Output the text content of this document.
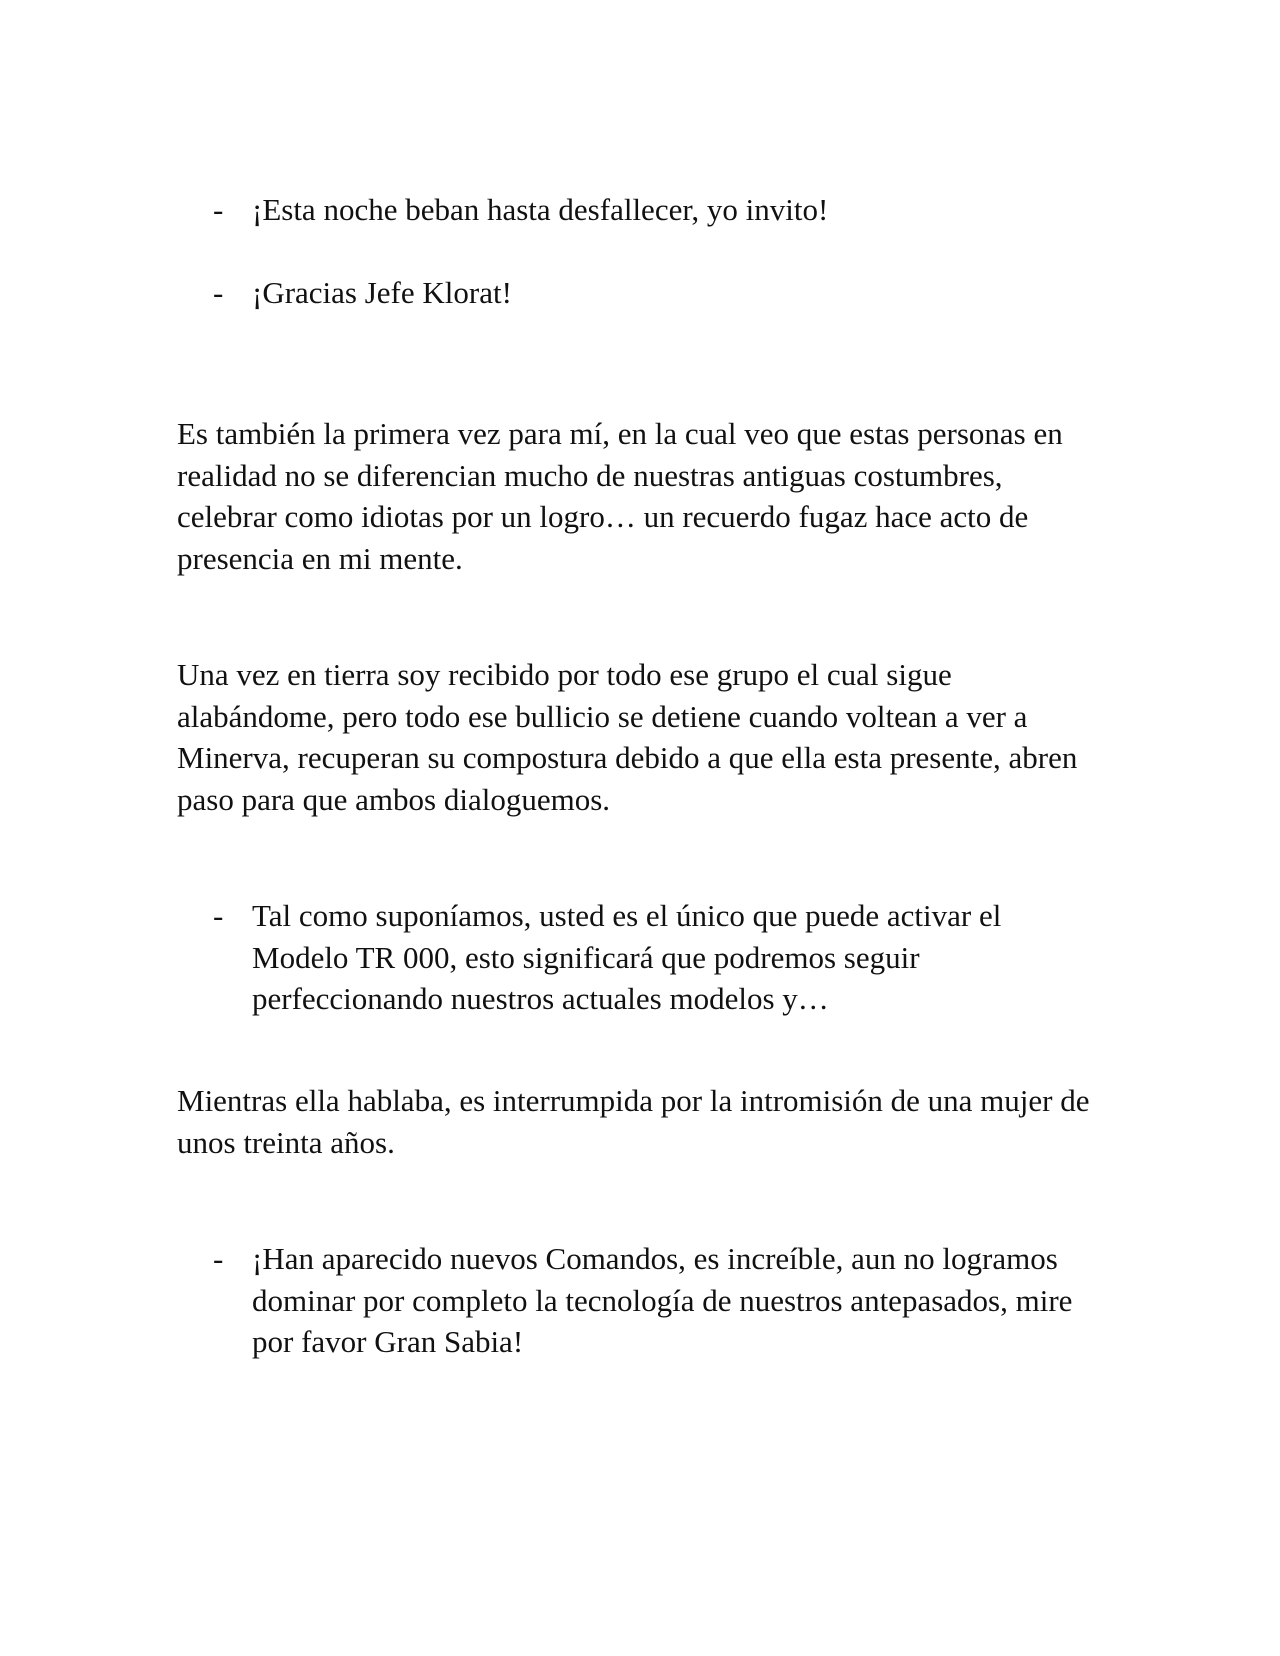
- ¡Esta noche beban hasta desfallecer, yo invito!
- ¡Gracias Jefe Klorat!

Es también la primera vez para mí, en la cual veo que estas personas en realidad no se diferencian mucho de nuestras antiguas costumbres, celebrar como idiotas por un logro… un recuerdo fugaz hace acto de presencia en mi mente.

Una vez en tierra soy recibido por todo ese grupo el cual sigue alabándome, pero todo ese bullicio se detiene cuando voltean a ver a Minerva, recuperan su compostura debido a que ella esta presente, abren paso para que ambos dialoguemos.

- Tal como suponíamos, usted es el único que puede activar el Modelo TR 000, esto significará que podremos seguir perfeccionando nuestros actuales modelos y…

Mientras ella hablaba, es interrumpida por la intromisión de una mujer de unos treinta años.

- ¡Han aparecido nuevos Comandos, es increíble, aun no logramos dominar por completo la tecnología de nuestros antepasados, mire por favor Gran Sabia!
